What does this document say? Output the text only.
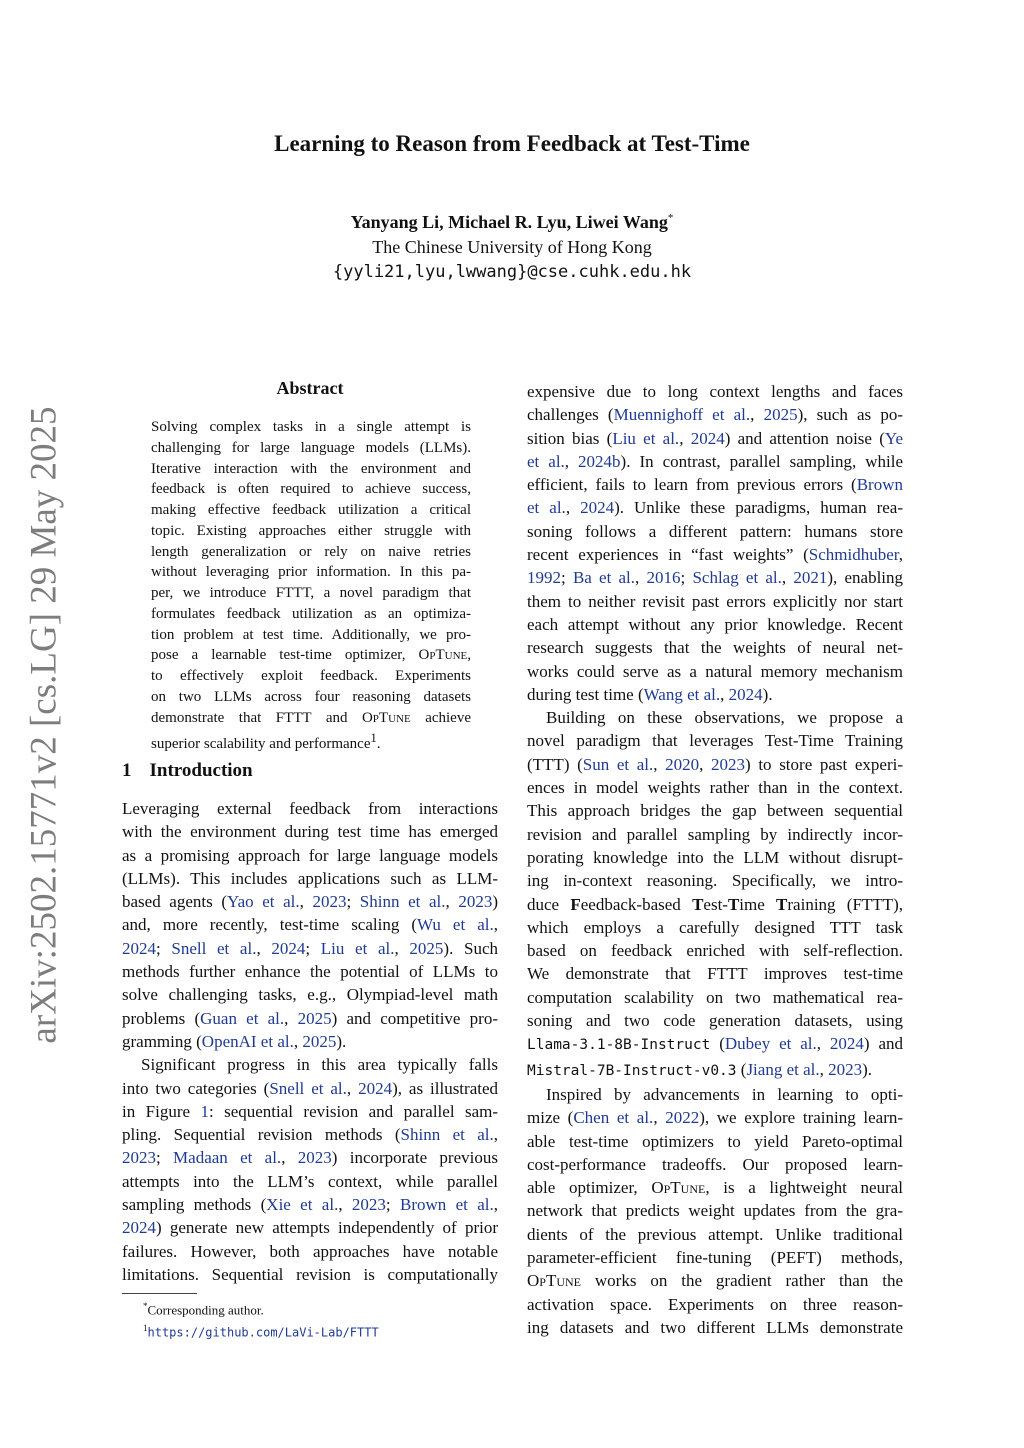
arXiv:2502.15771v2 [cs.LG] 29 May 2025
Learning to Reason from Feedback at Test-Time
Yanyang Li, Michael R. Lyu, Liwei Wang*
The Chinese University of Hong Kong
{yyli21,lyu,lwwang}@cse.cuhk.edu.hk
Abstract
Solving complex tasks in a single attempt is
challenging for large language models (LLMs).
Iterative interaction with the environment and
feedback is often required to achieve success,
making effective feedback utilization a critical
topic. Existing approaches either struggle with
length generalization or rely on naive retries
without leveraging prior information. In this pa-
per, we introduce FTTT, a novel paradigm that
formulates feedback utilization as an optimiza-
tion problem at test time. Additionally, we pro-
pose a learnable test-time optimizer, OpTune,
to effectively exploit feedback. Experiments
on two LLMs across four reasoning datasets
demonstrate that FTTT and OpTune achieve
superior scalability and performance$^1$.
1 Introduction
Leveraging external feedback from interactions
with the environment during test time has emerged
as a promising approach for large language models
(LLMs). This includes applications such as LLM-
based agents (Yao et al., 2023; Shinn et al., 2023)
and, more recently, test-time scaling (Wu et al.,
2024; Snell et al., 2024; Liu et al., 2025). Such
methods further enhance the potential of LLMs to
solve challenging tasks, e.g., Olympiad-level math
problems (Guan et al., 2025) and competitive pro-
gramming (OpenAI et al., 2025).
Significant progress in this area typically falls
into two categories (Snell et al., 2024), as illustrated
in Figure 1: sequential revision and parallel sam-
pling. Sequential revision methods (Shinn et al.,
2023; Madaan et al., 2023) incorporate previous
attempts into the LLM’s context, while parallel
sampling methods (Xie et al., 2023; Brown et al.,
2024) generate new attempts independently of prior
failures. However, both approaches have notable
limitations. Sequential revision is computationally
expensive due to long context lengths and faces
challenges (Muennighoff et al., 2025), such as po-
sition bias (Liu et al., 2024) and attention noise (Ye
et al., 2024b). In contrast, parallel sampling, while
efficient, fails to learn from previous errors (Brown
et al., 2024). Unlike these paradigms, human rea-
soning follows a different pattern: humans store
recent experiences in “fast weights” (Schmidhuber,
1992; Ba et al., 2016; Schlag et al., 2021), enabling
them to neither revisit past errors explicitly nor start
each attempt without any prior knowledge. Recent
research suggests that the weights of neural net-
works could serve as a natural memory mechanism
during test time (Wang et al., 2024).
Building on these observations, we propose a
novel paradigm that leverages Test-Time Training
(TTT) (Sun et al., 2020, 2023) to store past experi-
ences in model weights rather than in the context.
This approach bridges the gap between sequential
revision and parallel sampling by indirectly incor-
porating knowledge into the LLM without disrupt-
ing in-context reasoning. Specifically, we intro-
duce Feedback-based Test-Time Training (FTTT),
which employs a carefully designed TTT task
based on feedback enriched with self-reflection.
We demonstrate that FTTT improves test-time
computation scalability on two mathematical rea-
soning and two code generation datasets, using
Llama-3.1-8B-Instruct (Dubey et al., 2024) and
Mistral-7B-Instruct-v0.3 (Jiang et al., 2023).
Inspired by advancements in learning to opti-
mize (Chen et al., 2022), we explore training learn-
able test-time optimizers to yield Pareto-optimal
cost-performance tradeoffs. Our proposed learn-
able optimizer, OpTune, is a lightweight neural
network that predicts weight updates from the gra-
dients of the previous attempt. Unlike traditional
parameter-efficient fine-tuning (PEFT) methods,
OpTune works on the gradient rather than the
activation space. Experiments on three reason-
ing datasets and two different LLMs demonstrate
*Corresponding author.
$^1$https://github.com/LaVi-Lab/FTTT
